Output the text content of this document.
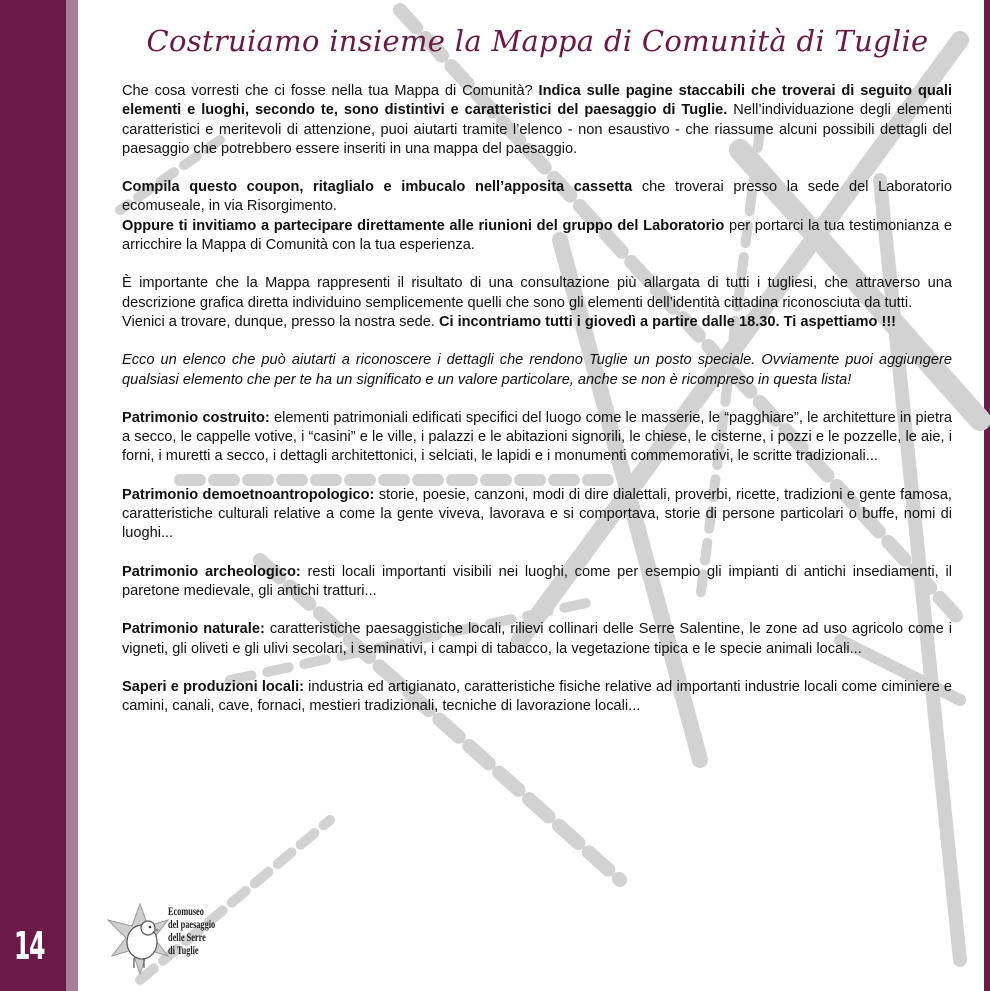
14
Costruiamo insieme la Mappa di Comunità di Tuglie

Che cosa vorresti che ci fosse nella tua Mappa di Comunità? Indica sulle pagine staccabili che troverai di seguito quali elementi e luoghi, secondo te, sono distintivi e caratteristici del paesaggio di Tuglie. Nell’individuazione degli elementi caratteristici e meritevoli di attenzione, puoi aiutarti tramite l’elenco - non esaustivo - che riassume alcuni possibili dettagli del paesaggio che potrebbero essere inseriti in una mappa del paesaggio.

Compila questo coupon, ritaglialo e imbucalo nell’apposita cassetta che troverai presso la sede del Laboratorio ecomuseale, in via Risorgimento.

Oppure ti invitiamo a partecipare direttamente alle riunioni del gruppo del Laboratorio per portarci la tua testimonianza e arricchire la Mappa di Comunità con la tua esperienza.

È importante che la Mappa rappresenti il risultato di una consultazione più allargata di tutti i tugliesi, che attraverso una descrizione grafica diretta individuino semplicemente quelli che sono gli elementi dell’identità cittadina riconosciuta da tutti.

Vienici a trovare, dunque, presso la nostra sede. Ci incontriamo tutti i giovedì a partire dalle 18.30. Ti aspettiamo !!!

Ecco un elenco che può aiutarti a riconoscere i dettagli che rendono Tuglie un posto speciale. Ovviamente puoi aggiungere qualsiasi elemento che per te ha un significato e un valore particolare, anche se non è ricompreso in questa lista!

Patrimonio costruito: elementi patrimoniali edificati specifici del luogo come le masserie, le “pagghiare”, le architetture in pietra a secco, le cappelle votive, i “casini” e le ville, i palazzi e le abitazioni signorili, le chiese, le cisterne, i pozzi e le pozzelle, le aie, i forni, i muretti a secco, i dettagli architettonici, i selciati, le lapidi e i monumenti commemorativi, le scritte tradizionali...

Patrimonio demoetnoantropologico: storie, poesie, canzoni, modi di dire dialettali, proverbi, ricette, tradizioni e gente famosa, caratteristiche culturali relative a come la gente viveva, lavorava e si comportava, storie di persone particolari o buffe, nomi di luoghi...

Patrimonio archeologico: resti locali importanti visibili nei luoghi, come per esempio gli impianti di antichi insediamenti, il paretone medievale, gli antichi tratturi...

Patrimonio naturale: caratteristiche paesaggistiche locali, rilievi collinari delle Serre Salentine, le zone ad uso agricolo come i vigneti, gli oliveti e gli ulivi secolari, i seminativi, i campi di tabacco, la vegetazione tipica e le specie animali locali...

Saperi e produzioni locali: industria ed artigianato, caratteristiche fisiche relative ad importanti industrie locali come ciminiere e camini, canali, cave, fornaci, mestieri tradizionali, tecniche di lavorazione locali...

Ecomuseo
del paesaggio
delle Serre
di Tuglie
